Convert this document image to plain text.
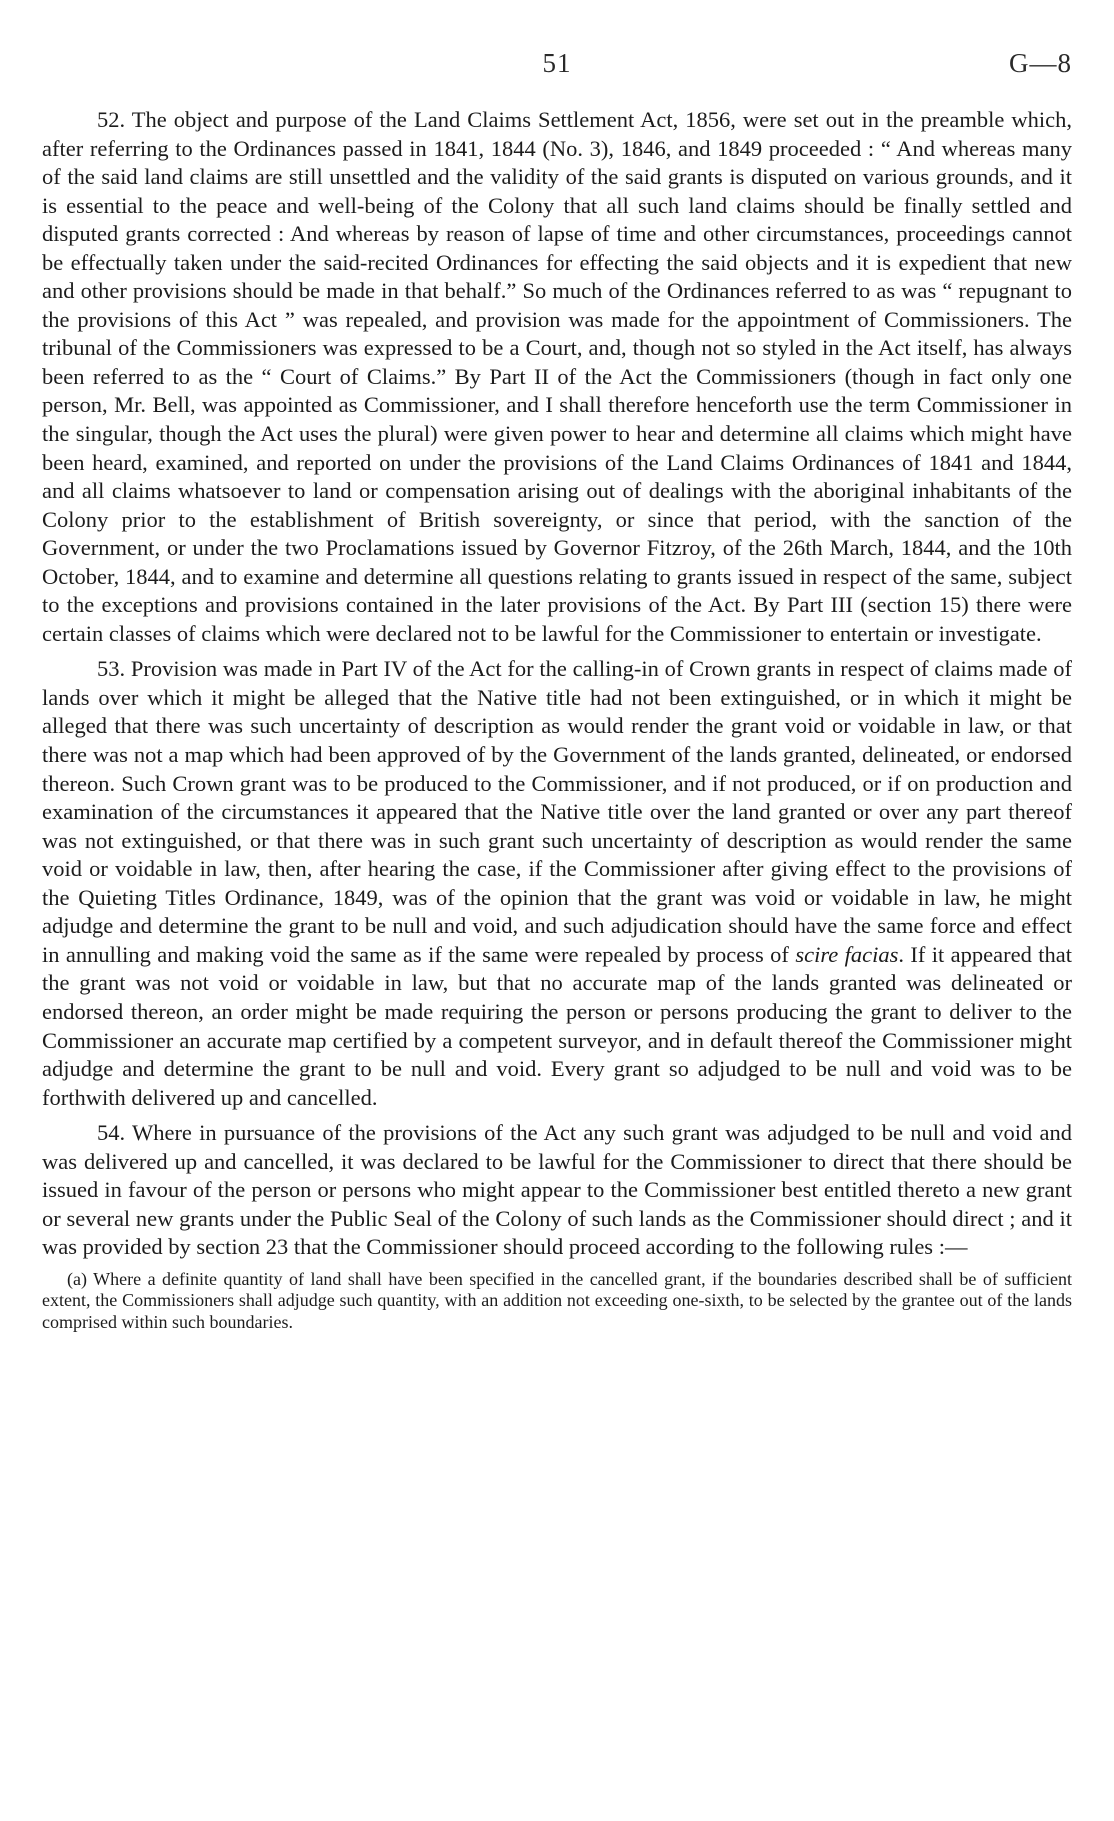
51	G—8

52. The object and purpose of the Land Claims Settlement Act, 1856, were set out in the preamble which, after referring to the Ordinances passed in 1841, 1844 (No. 3), 1846, and 1849 proceeded : “ And whereas many of the said land claims are still unsettled and the validity of the said grants is disputed on various grounds, and it is essential to the peace and well-being of the Colony that all such land claims should be finally settled and disputed grants corrected : And whereas by reason of lapse of time and other circumstances, proceedings cannot be effectually taken under the said-recited Ordinances for effecting the said objects and it is expedient that new and other provisions should be made in that behalf.” So much of the Ordinances referred to as was “ repugnant to the provisions of this Act ” was repealed, and provision was made for the appointment of Commissioners. The tribunal of the Commissioners was expressed to be a Court, and, though not so styled in the Act itself, has always been referred to as the “ Court of Claims.” By Part II of the Act the Commissioners (though in fact only one person, Mr. Bell, was appointed as Commissioner, and I shall therefore henceforth use the term Commissioner in the singular, though the Act uses the plural) were given power to hear and determine all claims which might have been heard, examined, and reported on under the provisions of the Land Claims Ordinances of 1841 and 1844, and all claims whatsoever to land or compensation arising out of dealings with the aboriginal inhabitants of the Colony prior to the establishment of British sovereignty, or since that period, with the sanction of the Government, or under the two Proclamations issued by Governor Fitzroy, of the 26th March, 1844, and the 10th October, 1844, and to examine and determine all questions relating to grants issued in respect of the same, subject to the exceptions and provisions contained in the later provisions of the Act. By Part III (section 15) there were certain classes of claims which were declared not to be lawful for the Commissioner to entertain or investigate.

53. Provision was made in Part IV of the Act for the calling-in of Crown grants in respect of claims made of lands over which it might be alleged that the Native title had not been extinguished, or in which it might be alleged that there was such uncertainty of description as would render the grant void or voidable in law, or that there was not a map which had been approved of by the Government of the lands granted, delineated, or endorsed thereon. Such Crown grant was to be produced to the Commissioner, and if not produced, or if on production and examination of the circumstances it appeared that the Native title over the land granted or over any part thereof was not extinguished, or that there was in such grant such uncertainty of description as would render the same void or voidable in law, then, after hearing the case, if the Commissioner after giving effect to the provisions of the Quieting Titles Ordinance, 1849, was of the opinion that the grant was void or voidable in law, he might adjudge and determine the grant to be null and void, and such adjudication should have the same force and effect in annulling and making void the same as if the same were repealed by process of scire facias. If it appeared that the grant was not void or voidable in law, but that no accurate map of the lands granted was delineated or endorsed thereon, an order might be made requiring the person or persons producing the grant to deliver to the Commissioner an accurate map certified by a competent surveyor, and in default thereof the Commissioner might adjudge and determine the grant to be null and void. Every grant so adjudged to be null and void was to be forthwith delivered up and cancelled.

54. Where in pursuance of the provisions of the Act any such grant was adjudged to be null and void and was delivered up and cancelled, it was declared to be lawful for the Commissioner to direct that there should be issued in favour of the person or persons who might appear to the Commissioner best entitled thereto a new grant or several new grants under the Public Seal of the Colony of such lands as the Commissioner should direct ; and it was provided by section 23 that the Commissioner should proceed according to the following rules :—

(a) Where a definite quantity of land shall have been specified in the cancelled grant, if the boundaries described shall be of sufficient extent, the Commissioners shall adjudge such quantity, with an addition not exceeding one-sixth, to be selected by the grantee out of the lands comprised within such boundaries.
